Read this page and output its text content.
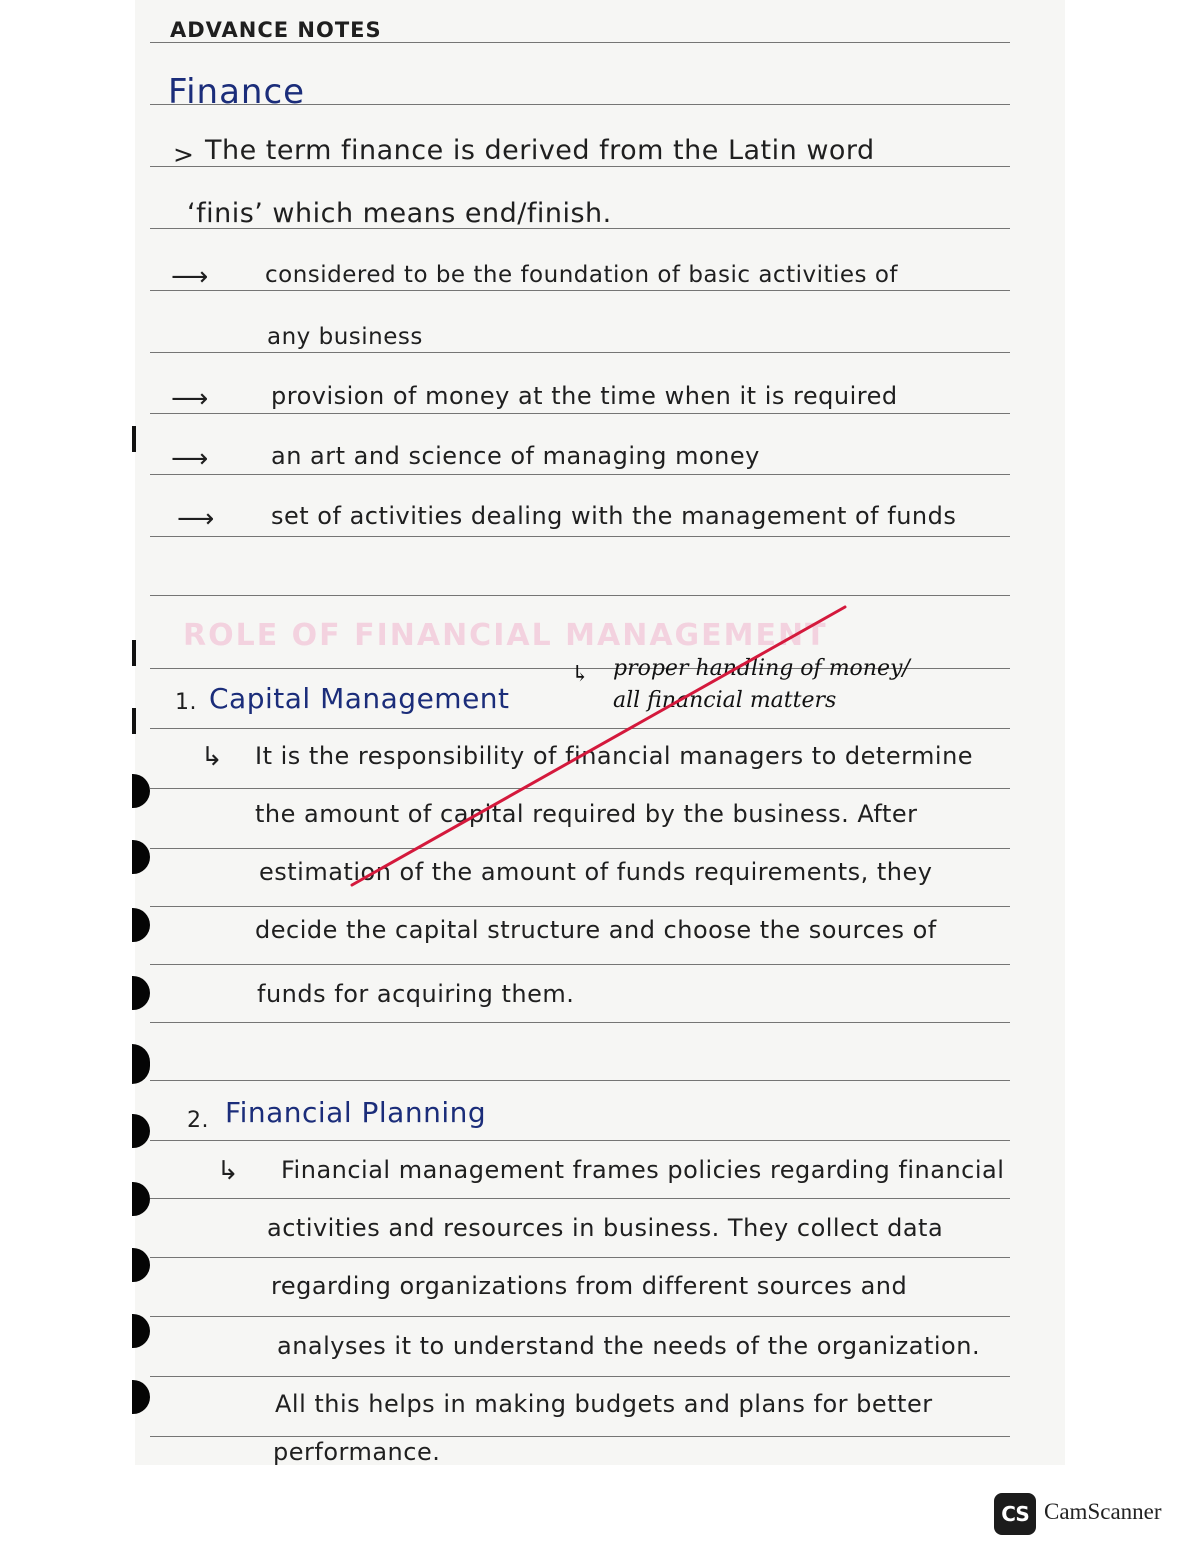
ADVANCE NOTES
Finance
> The term finance is derived from the Latin word
‘finis’ which means end/finish.
⟶ considered to be the foundation of basic activities of
any business
⟶	provision of money at the time when it is required
⟶	an art and science of managing money
⟶ set of activities dealing with the management of funds
ROLE OF FINANCIAL MANAGEMENT
1. Capital Management
↳ proper handling of money/
all financial matters
↳ It is the responsibility of financial managers to determine
the amount of capital required by the business. After
estimation of the amount of funds requirements, they
decide the capital structure and choose the sources of
funds for acquiring them.
2. Financial Planning
↳ Financial management frames policies regarding financial
activities and resources in business. They collect data
regarding organizations from different sources and
analyses it to understand the needs of the organization.
All this helps in making budgets and plans for better
performance.
CS CamScanner
